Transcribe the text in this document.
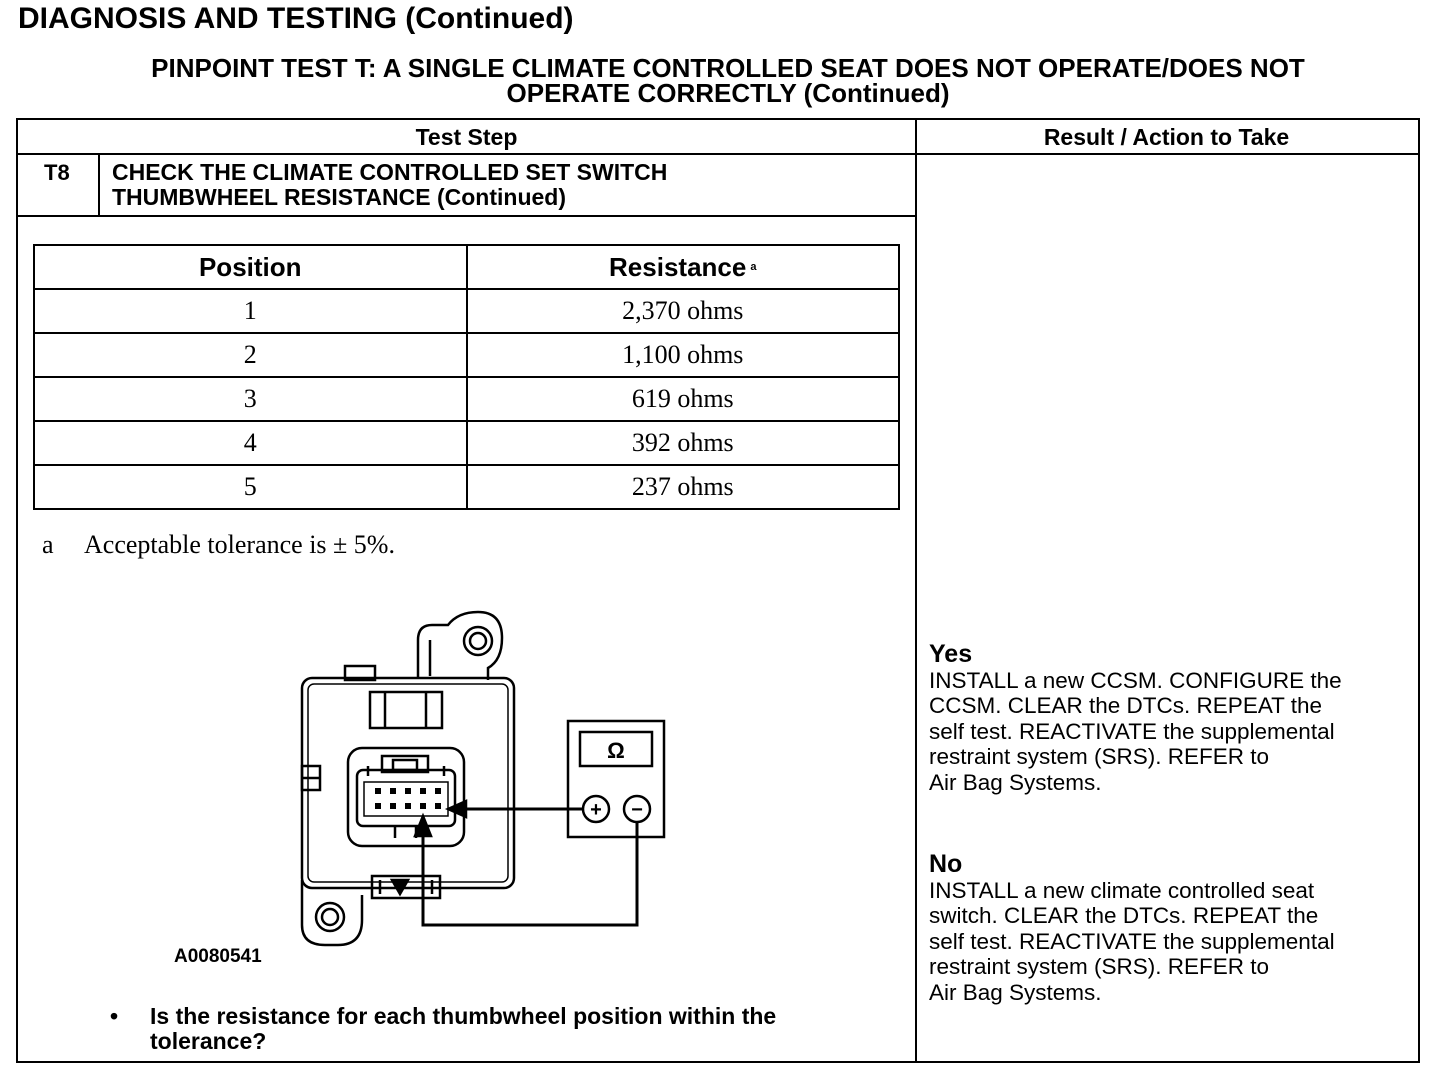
DIAGNOSIS AND TESTING (Continued)
PINPOINT TEST T: A SINGLE CLIMATE CONTROLLED SEAT DOES NOT OPERATE/DOES NOT
OPERATE CORRECTLY (Continued)
Test Step	Result / Action to Take
T8 CHECK THE CLIMATE CONTROLLED SET SWITCH
THUMBWHEEL RESISTANCE (Continued)
Position	Resistance $^a$
1	2,370 ohms
2	1,100 ohms
3	619 ohms
4	392 ohms
5	237 ohms
a Acceptable tolerance is ± 5%.
Ω
+ −
A0080541
• Is the resistance for each thumbwheel position within the
tolerance?
Yes
INSTALL a new CCSM. CONFIGURE the
CCSM. CLEAR the DTCs. REPEAT the
self test. REACTIVATE the supplemental
restraint system (SRS). REFER to
Air Bag Systems.
No
INSTALL a new climate controlled seat
switch. CLEAR the DTCs. REPEAT the
self test. REACTIVATE the supplemental
restraint system (SRS). REFER to
Air Bag Systems.
